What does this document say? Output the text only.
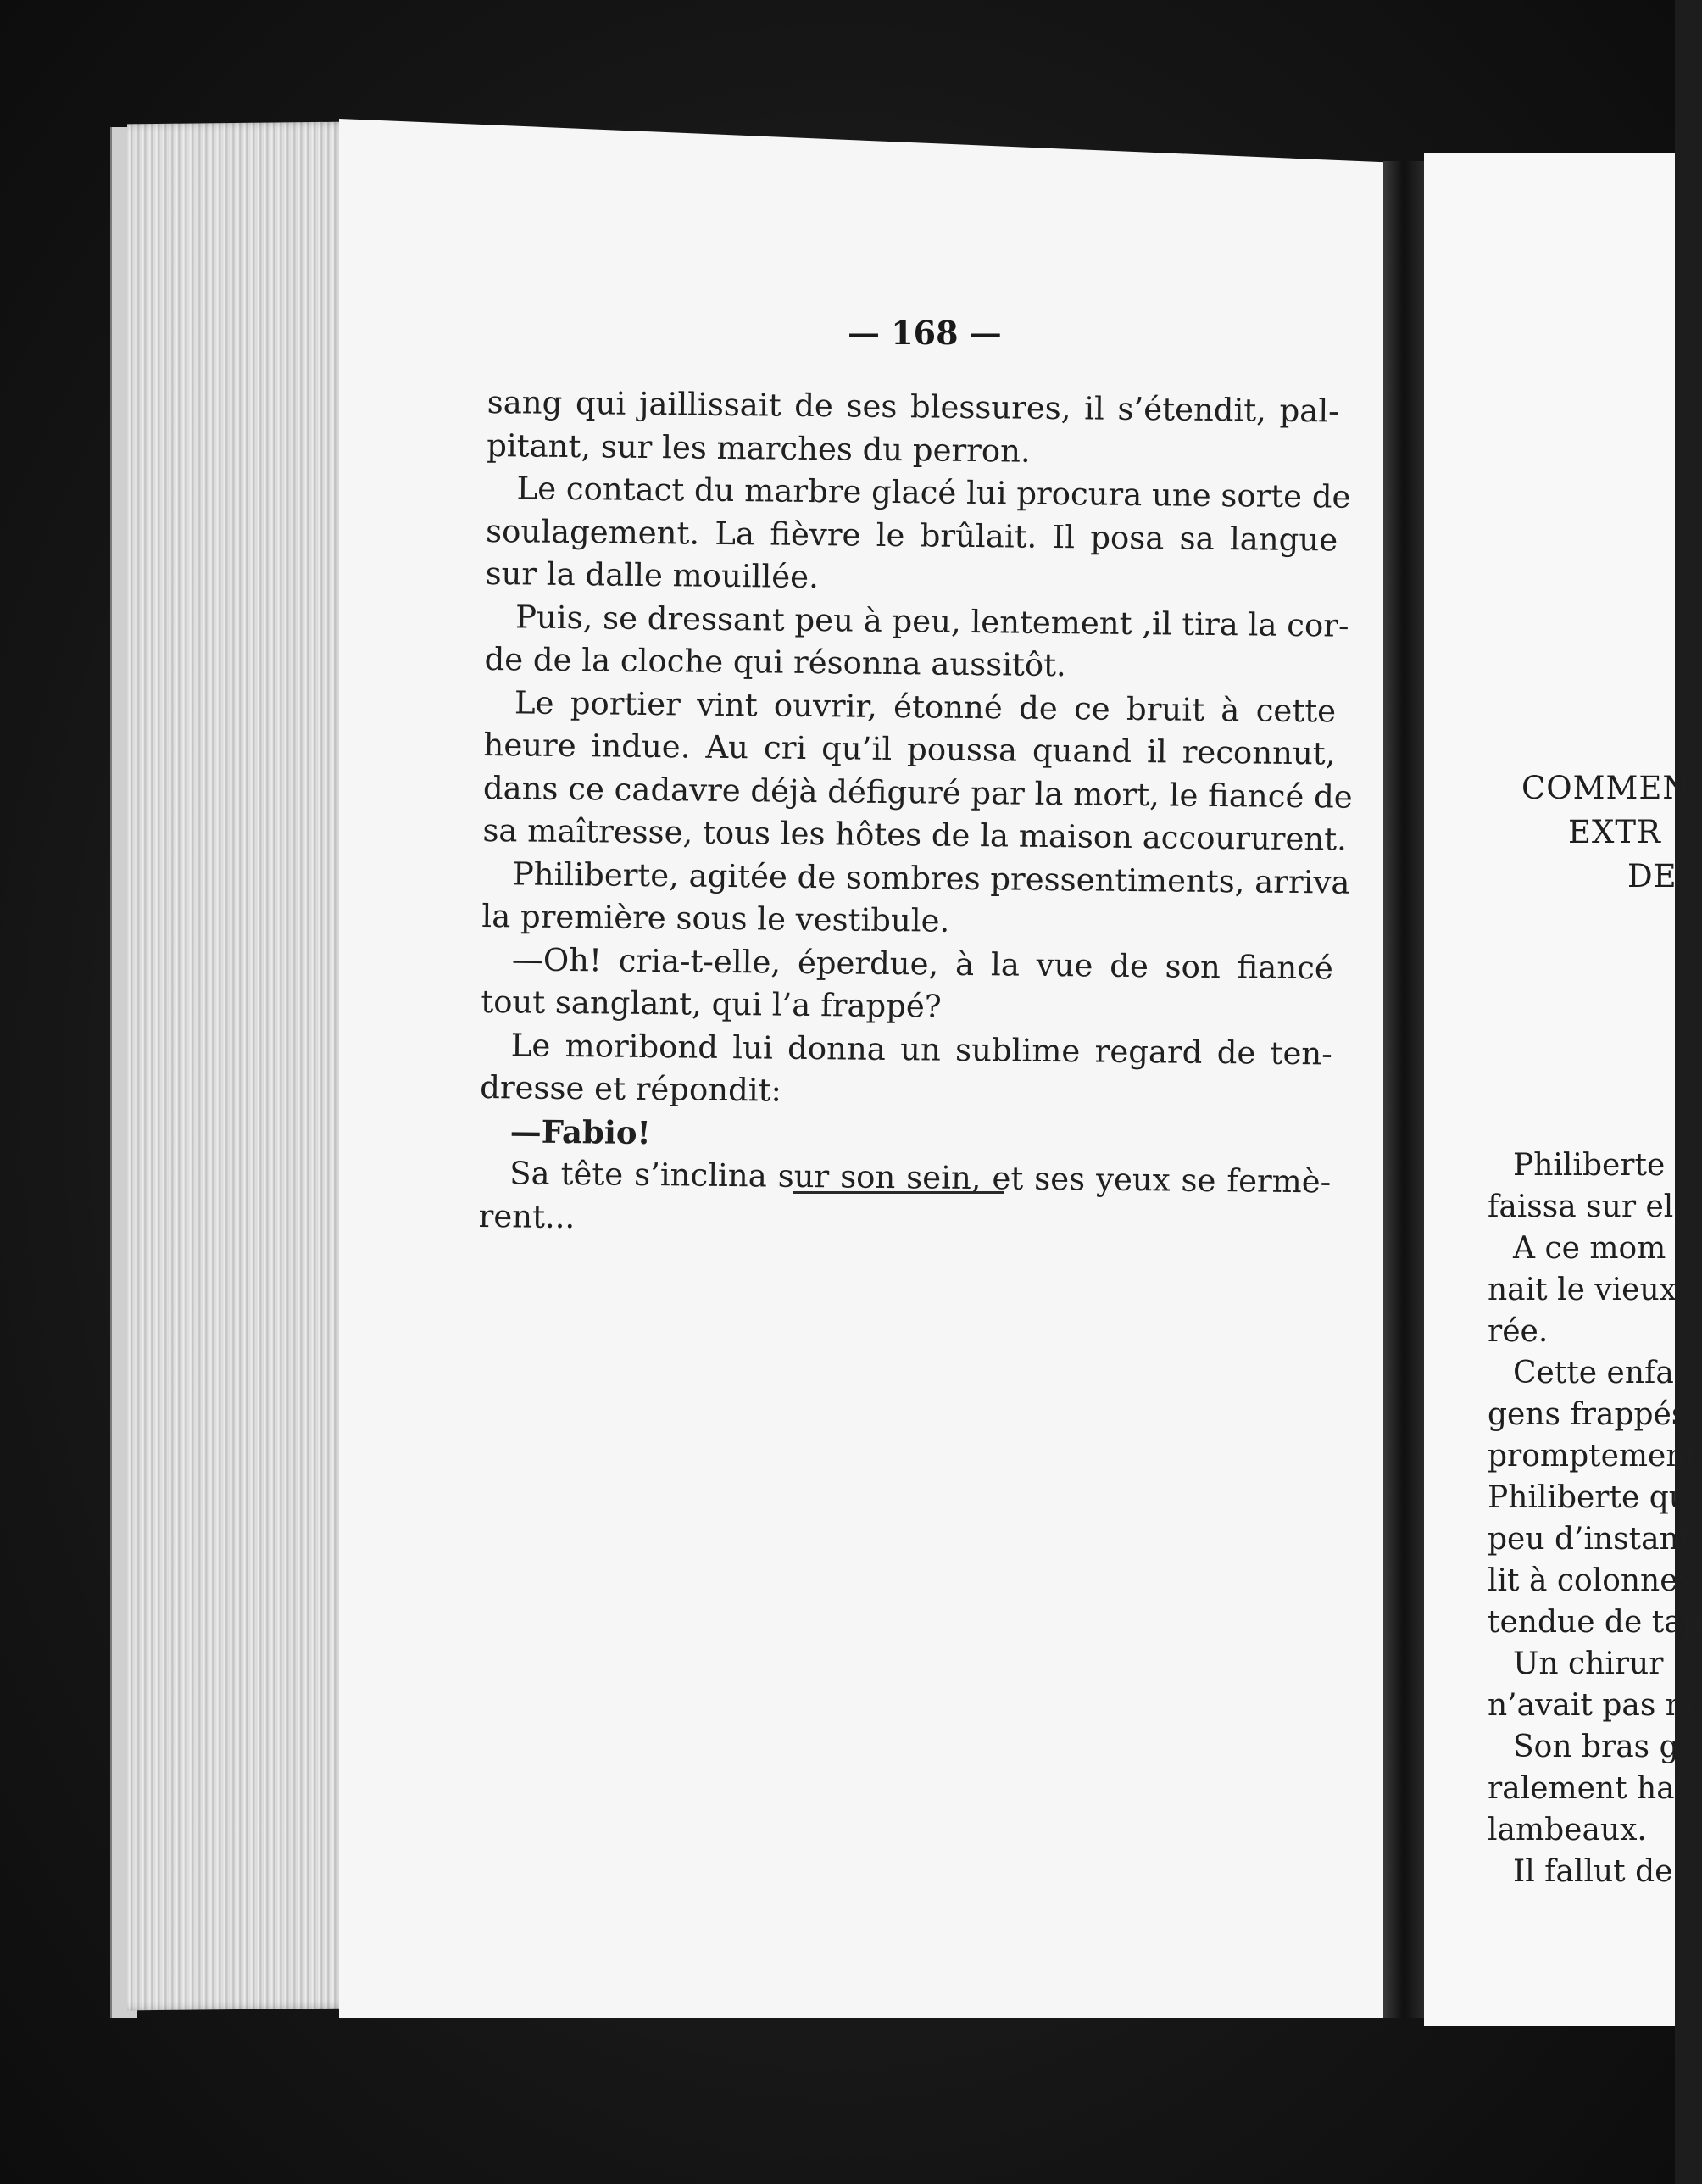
— 168 —
sang qui jaillissait de ses blessures, il s’étendit, pal-
pitant, sur les marches du perron.
Le contact du marbre glacé lui procura une sorte de
soulagement. La fièvre le brûlait. Il posa sa langue
sur la dalle mouillée.
Puis, se dressant peu à peu, lentement ,il tira la cor-
de de la cloche qui résonna aussitôt.
Le portier vint ouvrir, étonné de ce bruit à cette
heure indue. Au cri qu’il poussa quand il reconnut,
dans ce cadavre déjà défiguré par la mort, le fiancé de
sa maîtresse, tous les hôtes de la maison accoururent.
Philiberte, agitée de sombres pressentiments, arriva
la première sous le vestibule.
—Oh! cria-t-elle, éperdue, à la vue de son fiancé
tout sanglant, qui l’a frappé?
Le moribond lui donna un sublime regard de ten-
dresse et répondit:
—Fabio!
Sa tête s’inclina sur son sein, et ses yeux se fermè-
rent...
COMMEN
EXTR
DE
Philiberte
faissa sur el
A ce mom
nait le vieux
rée.
Cette enfa
gens frappés
promptement
Philiberte qu
peu d’instant
lit à colonnes
tendue de tap
Un chirur
n’avait pas m
Son bras g
ralement hac
lambeaux.
Il fallut de
